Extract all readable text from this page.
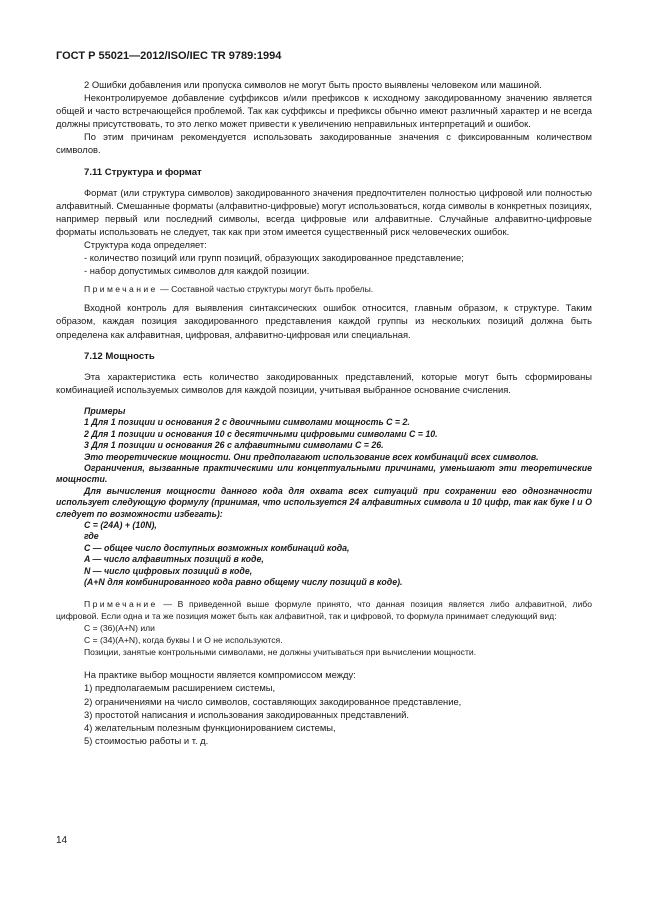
ГОСТ Р 55021—2012/ISO/IEC TR 9789:1994

2 Ошибки добавления или пропуска символов не могут быть просто выявлены человеком или машиной.

Неконтролируемое добавление суффиксов и/или префиксов к исходному закодированному значению является общей и часто встречающейся проблемой. Так как суффиксы и префиксы обычно имеют различный характер и не всегда должны присутствовать, то это легко может привести к увеличению неправильных интерпретаций и ошибок.

По этим причинам рекомендуется использовать закодированные значения с фиксированным количеством символов.

7.11 Структура и формат

Формат (или структура символов) закодированного значения предпочтителен полностью цифровой или полностью алфавитный. Смешанные форматы (алфавитно-цифровые) могут использоваться, когда символы в конкретных позициях, например первый или последний символы, всегда цифровые или алфавитные. Случайные алфавитно-цифровые форматы использовать не следует, так как при этом имеется существенный риск человеческих ошибок.

Структура кода определяет:

- количество позиций или групп позиций, образующих закодированное представление;

- набор допустимых символов для каждой позиции.

Примечание — Составной частью структуры могут быть пробелы.

Входной контроль для выявления синтаксических ошибок относится, главным образом, к структуре. Таким образом, каждая позиция закодированного представления каждой группы из нескольких позиций должна быть определена как алфавитная, цифровая, алфавитно-цифровая или специальная.

7.12 Мощность

Эта характеристика есть количество закодированных представлений, которые могут быть сформированы комбинацией используемых символов для каждой позиции, учитывая выбранное основание счисления.

Примеры

1 Для 1 позиции и основания 2 с двоичными символами мощность C = 2.

2 Для 1 позиции и основания 10 с десятичными цифровыми символами C = 10.

3 Для 1 позиции и основания 26 с алфавитными символами C = 26.

Это теоретические мощности. Они предполагают использование всех комбинаций всех символов.

Ограничения, вызванные практическими или концептуальными причинами, уменьшают эти теоретические мощности.

Для вычисления мощности данного кода для охвата всех ситуаций при сохранении его однозначности использует следующую формулу (принимая, что используется 24 алфавитных символа и 10 цифр, так как буке I и O следует по возможности избегать):

C = (24A) + (10N),

где

C — общее число доступных возможных комбинаций кода,

A — число алфавитных позиций в коде,

N — число цифровых позиций в коде,

(A+N для комбинированного кода равно общему числу позиций в коде).

Примечание — В приведенной выше формуле принято, что данная позиция является либо алфавитной, либо цифровой. Если одна и та же позиция может быть как алфавитной, так и цифровой, то формула принимает следующий вид:

C = (36)(A+N) или

C = (34)(A+N), когда буквы I и O не используются.

Позиции, занятые контрольными символами, не должны учитываться при вычислении мощности.

На практике выбор мощности является компромиссом между:

1) предполагаемым расширением системы,

2) ограничениями на число символов, составляющих закодированное представление,

3) простотой написания и использования закодированных представлений.

4) желательным полезным функционированием системы,

5) стоимостью работы и т. д.

14
